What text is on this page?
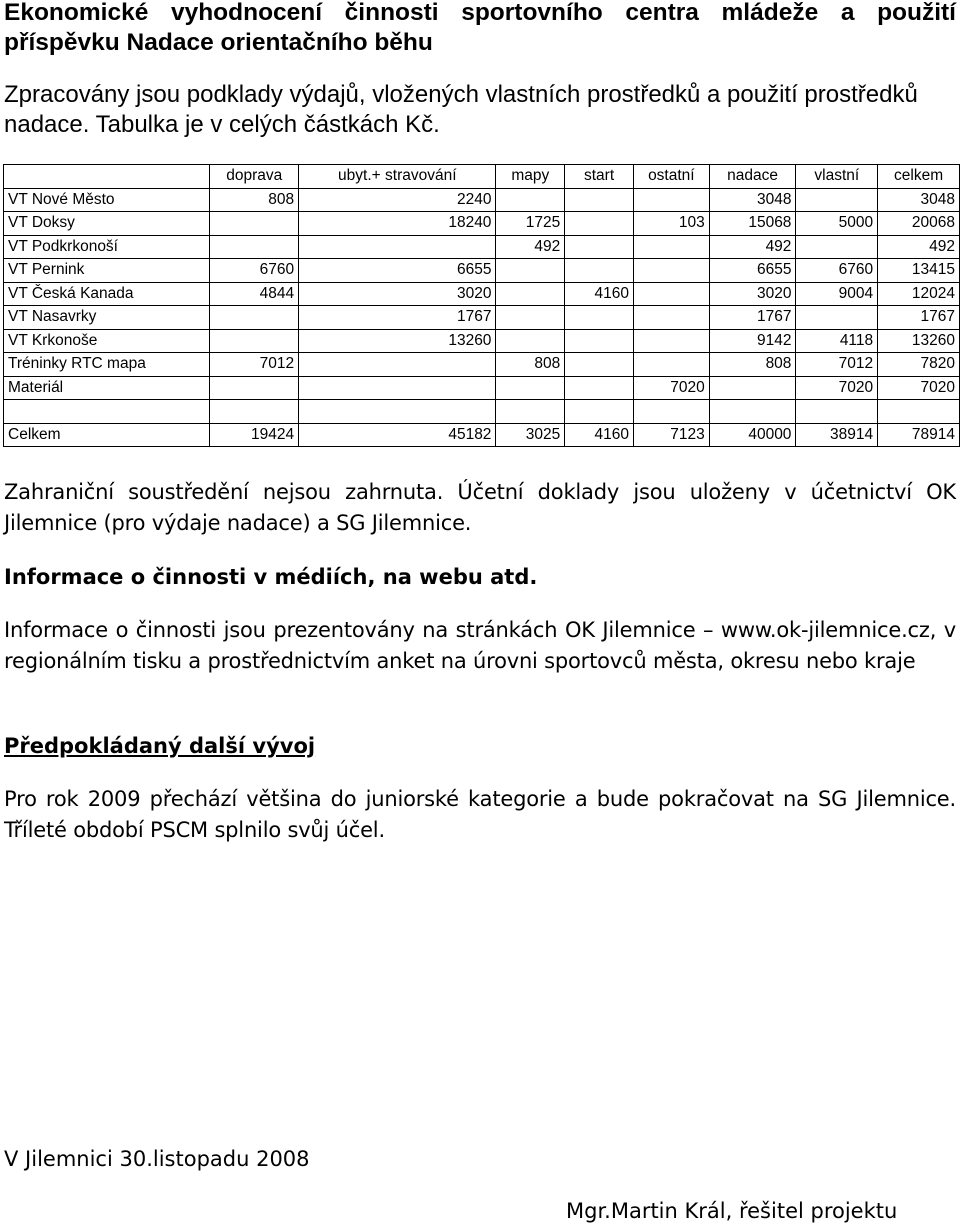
Ekonomické vyhodnocení činnosti sportovního centra mládeže a použití příspěvku Nadace orientačního běhu

Zpracovány jsou podklady výdajů, vložených vlastních prostředků a použití prostředků nadace. Tabulka je v celých částkách Kč.

	doprava	ubyt.+ stravování	mapy	start	ostatní	nadace	vlastní	celkem
VT Nové Město	808	2240				3048		3048
VT Doksy		18240	1725		103	15068	5000	20068
VT Podkrkonoší			492			492		492
VT Pernink	6760	6655				6655	6760	13415
VT Česká Kanada	4844	3020		4160		3020	9004	12024
VT Nasavrky		1767				1767		1767
VT Krkonoše		13260				9142	4118	13260
Tréninky RTC mapa	7012		808			808	7012	7820
Materiál					7020		7020	7020

Celkem	19424	45182	3025	4160	7123	40000	38914	78914

Zahraniční soustředění nejsou zahrnuta. Účetní doklady jsou uloženy v účetnictví OK Jilemnice (pro výdaje nadace) a SG Jilemnice.

Informace o činnosti v médiích, na webu atd.

Informace o činnosti jsou prezentovány na stránkách OK Jilemnice – www.ok-jilemnice.cz, v regionálním tisku a prostřednictvím anket na úrovni sportovců města, okresu nebo kraje

Předpokládaný další vývoj

Pro rok 2009 přechází většina do juniorské kategorie a bude pokračovat na SG Jilemnice. Tříleté období PSCM splnilo svůj účel.

V Jilemnici 30.listopadu 2008

Mgr.Martin Král, řešitel projektu
